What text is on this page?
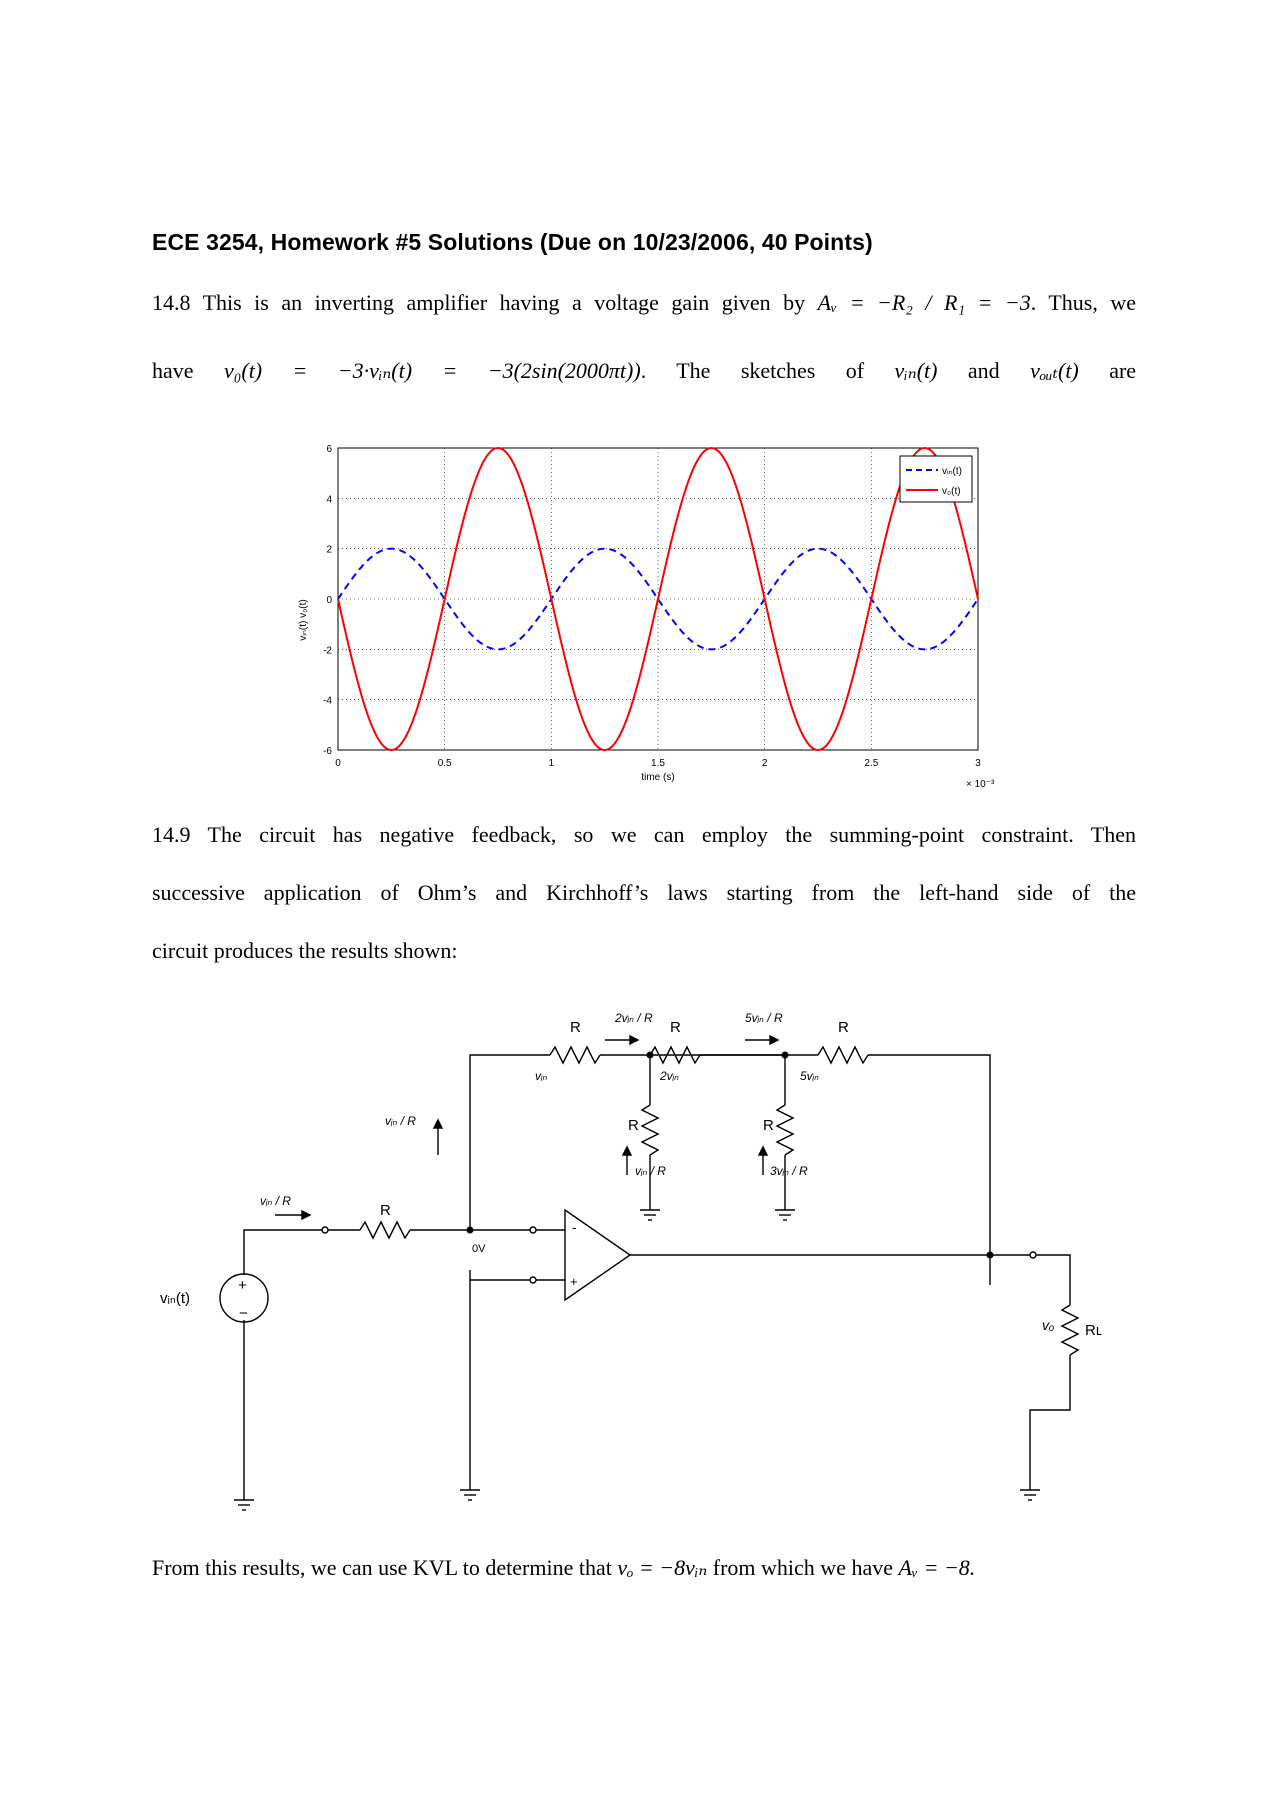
ECE 3254, Homework #5 Solutions (Due on 10/23/2006, 40 Points)
14.8 This is an inverting amplifier having a voltage gain given by Aᵥ = −R₂ / R₁ = −3. Thus, we
have v₀(t) = −3·vᵢₙ(t) = −3(2sin(2000πt)). The sketches of vᵢₙ(t) and vₒᵤₜ(t) are
0	0.5	1	1.5	2	2.5	3
-6
-4
-2
0
2
4
6
time (s)
× 10⁻³
vᵢₙ(t) v₀(t)
vᵢₙ(t)
v₀(t)
14.9 The circuit has negative feedback, so we can employ the summing-point constraint. Then
successive application of Ohm’s and Kirchhoff’s laws starting from the left-hand side of the
circuit produces the results shown:
vᵢₙ(t)
+
−
R
vᵢₙ / R
vᵢₙ / R
0V
R	R	R
2vᵢₙ / R	5vᵢₙ / R
vᵢₙ	2vᵢₙ	5vᵢₙ
R	R
vᵢₙ / R	3vᵢₙ / R
-
+
vₒ Rʟ
From this results, we can use KVL to determine that vₒ = −8vᵢₙ from which we have Aᵥ = −8.
